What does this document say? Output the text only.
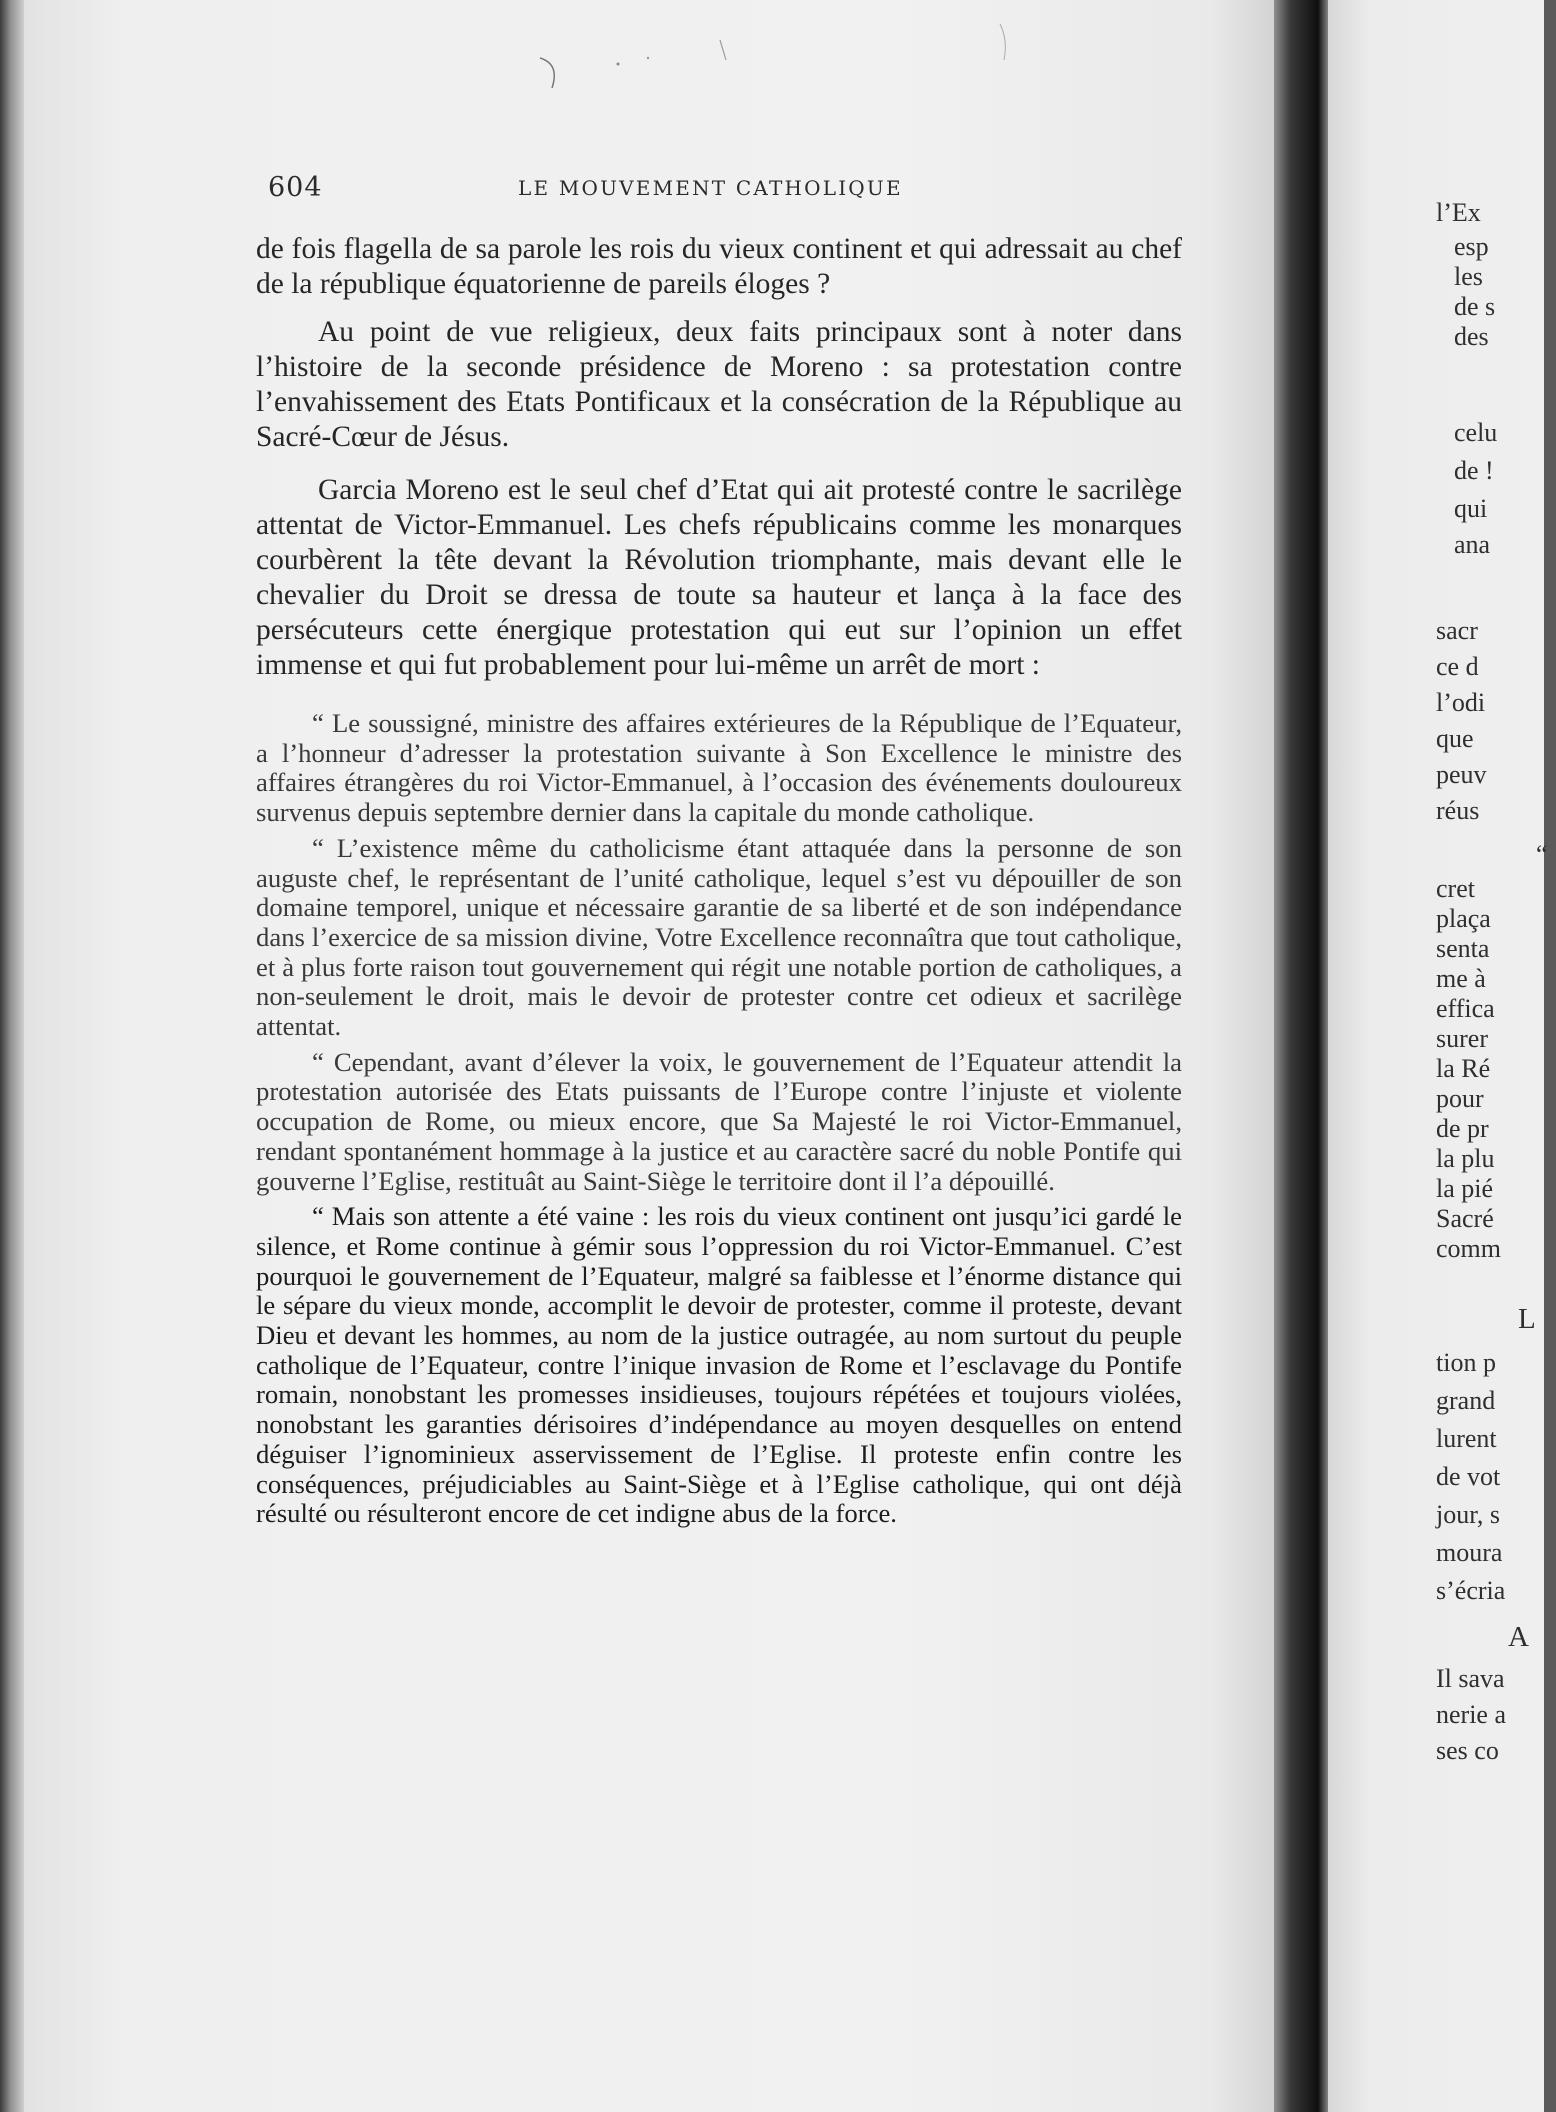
604	LE MOUVEMENT CATHOLIQUE

de fois flagella de sa parole les rois du vieux continent et qui adressait au chef de la république équatorienne de pareils éloges ?

Au point de vue religieux, deux faits principaux sont à noter dans l’histoire de la seconde présidence de Moreno : sa protestation contre l’envahissement des Etats Pontificaux et la consécration de la République au Sacré-Cœur de Jésus.

Garcia Moreno est le seul chef d’Etat qui ait protesté contre le sacrilège attentat de Victor-Emmanuel. Les chefs républicains comme les monarques courbèrent la tête devant la Révolution triomphante, mais devant elle le chevalier du Droit se dressa de toute sa hauteur et lança à la face des persécuteurs cette énergique protestation qui eut sur l’opinion un effet immense et qui fut probablement pour lui-même un arrêt de mort :

“ Le soussigné, ministre des affaires extérieures de la République de l’Equateur, a l’honneur d’adresser la protestation suivante à Son Excellence le ministre des affaires étrangères du roi Victor-Emmanuel, à l’occasion des événements douloureux survenus depuis septembre dernier dans la capitale du monde catholique.

“ L’existence même du catholicisme étant attaquée dans la personne de son auguste chef, le représentant de l’unité catholique, lequel s’est vu dépouiller de son domaine temporel, unique et nécessaire garantie de sa liberté et de son indépendance dans l’exercice de sa mission divine, Votre Excellence reconnaîtra que tout catholique, et à plus forte raison tout gouvernement qui régit une notable portion de catholiques, a non-seulement le droit, mais le devoir de protester contre cet odieux et sacrilège attentat.

“ Cependant, avant d’élever la voix, le gouvernement de l’Equateur attendit la protestation autorisée des Etats puissants de l’Europe contre l’injuste et violente occupation de Rome, ou mieux encore, que Sa Majesté le roi Victor-Emmanuel, rendant spontanément hommage à la justice et au caractère sacré du noble Pontife qui gouverne l’Eglise, restituât au Saint-Siège le territoire dont il l’a dépouillé.

“ Mais son attente a été vaine : les rois du vieux continent ont jusqu’ici gardé le silence, et Rome continue à gémir sous l’oppression du roi Victor-Emmanuel. C’est pourquoi le gouvernement de l’Equateur, malgré sa faiblesse et l’énorme distance qui le sépare du vieux monde, accomplit le devoir de protester, comme il proteste, devant Dieu et devant les hommes, au nom de la justice outragée, au nom surtout du peuple catholique de l’Equateur, contre l’inique invasion de Rome et l’esclavage du Pontife romain, nonobstant les promesses insidieuses, toujours répétées et toujours violées, nonobstant les garanties dérisoires d’indépendance au moyen desquelles on entend déguiser l’ignominieux asservissement de l’Eglise. Il proteste enfin contre les conséquences, préjudiciables au Saint-Siège et à l’Eglise catholique, qui ont déjà résulté ou résulteront encore de cet indigne abus de la force.

l’Ex
esp
les
de s
des
celu
de !
qui
ana
sacr
ce d
l’odi
que
peuv
réus
“
cret
plaça
senta
me à
effica
surer
la Ré
pour
de pr
la plu
la pié
Sacré
comm
L
tion p
grand
lurent
de vot
jour, s
moura
s’écria
A
Il sava
nerie a
ses co
